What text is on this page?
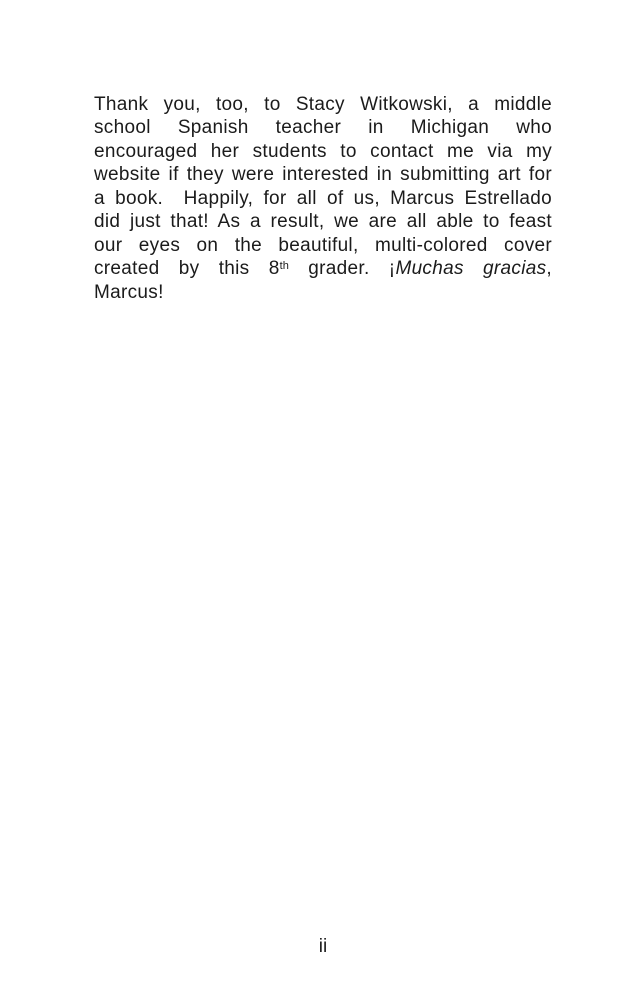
Thank you, too, to Stacy Witkowski, a middle
school Spanish teacher in Michigan who
encouraged her students to contact me via my
website if they were interested in submitting art for
a book.  Happily, for all of us, Marcus Estrellado
did just that! As a result, we are all able to feast
our eyes on the beautiful, multi-colored cover
created by this 8th grader. ¡Muchas gracias,
Marcus!
ii
